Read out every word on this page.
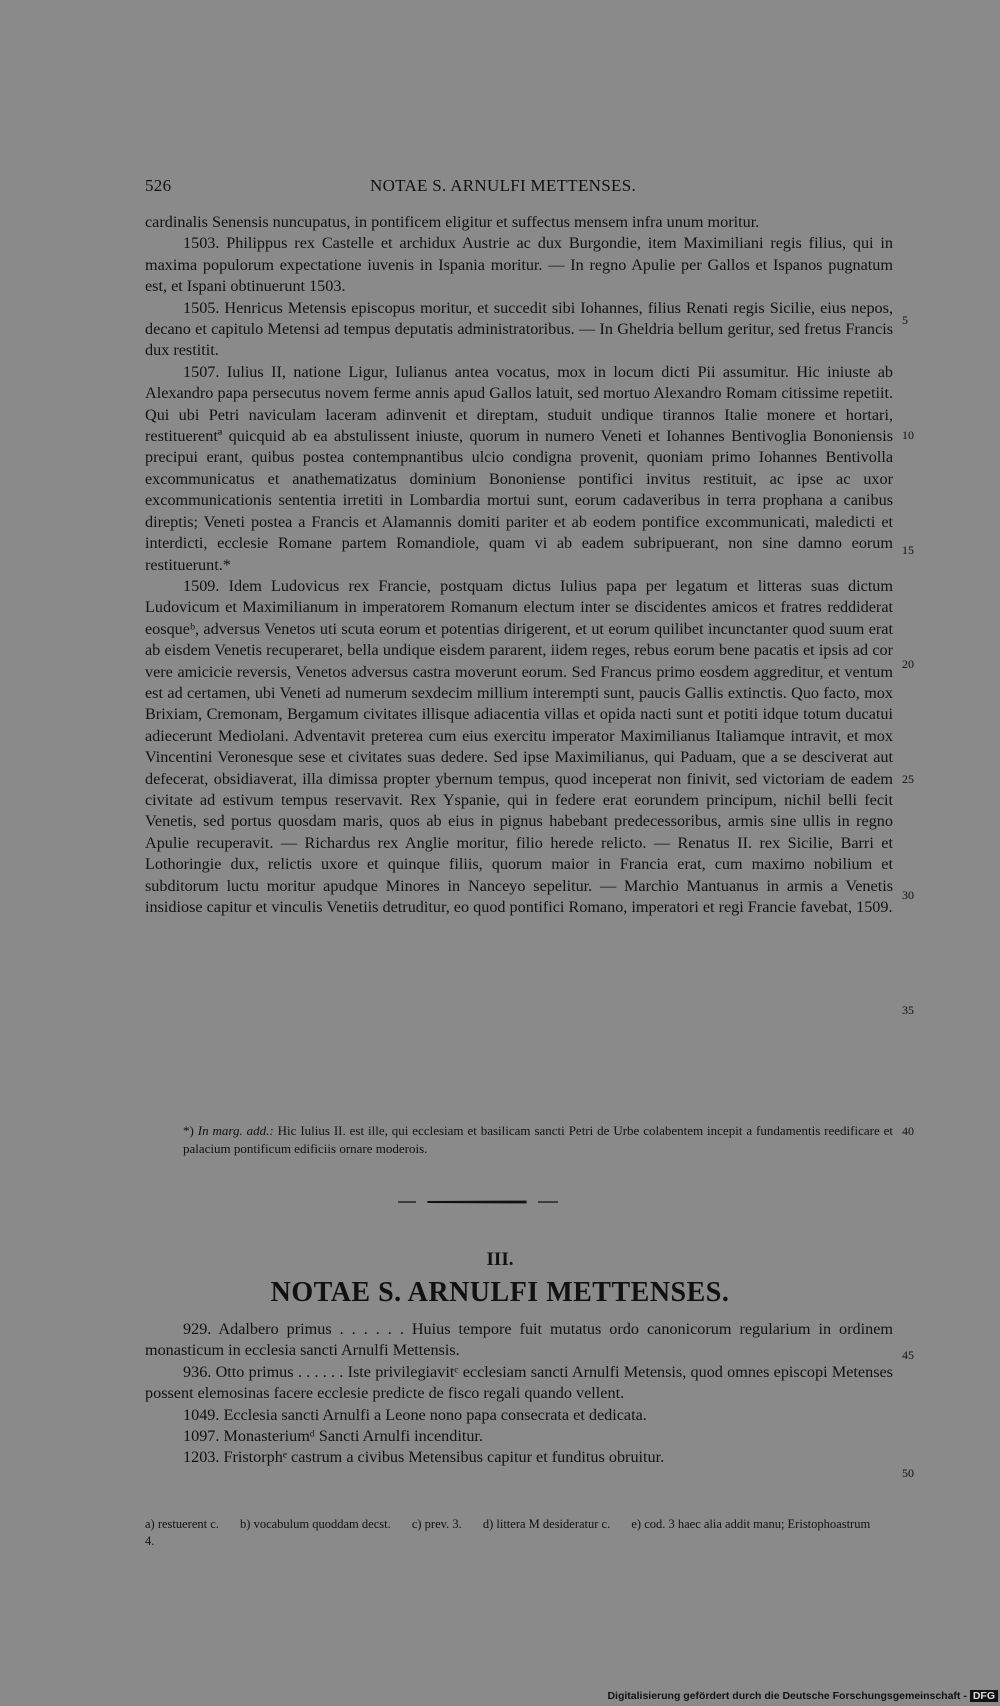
526	NOTAE S. ARNULFI METTENSES.

cardinalis Senensis nuncupatus, in pontificem eligitur et suffectus mensem infra unum moritur.

1503. Philippus rex Castelle et archidux Austrie ac dux Burgondie, item Maximiliani regis filius, qui in maxima populorum expectatione iuvenis in Ispania moritur. — In regno Apulie per Gallos et Ispanos pugnatum est, et Ispani obtinuerunt 1503.

1505. Henricus Metensis episcopus moritur, et succedit sibi Iohannes, filius Renati regis Sicilie, eius nepos, decano et capitulo Metensi ad tempus deputatis administratoribus. — In Gheldria bellum geritur, sed fretus Francis dux restitit.

1507. Iulius II, natione Ligur, Iulianus antea vocatus, mox in locum dicti Pii assumitur. Hic iniuste ab Alexandro papa persecutus novem ferme annis apud Gallos latuit, sed mortuo Alexandro Romam citissime repetiit. Qui ubi Petri naviculam laceram adinvenit et direptam, studuit undique tirannos Italie monere et hortari, restituerentª quicquid ab ea abstulissent iniuste, quorum in numero Veneti et Iohannes Bentivoglia Bononiensis precipui erant, quibus postea contempnantibus ulcio condigna provenit, quoniam primo Iohannes Bentivolla excommunicatus et anathematizatus dominium Bononiense pontifici invitus restituit, ac ipse ac uxor excommunicationis sententia irretiti in Lombardia mortui sunt, eorum cadaveribus in terra prophana a canibus direptis; Veneti postea a Francis et Alamannis domiti pariter et ab eodem pontifice excommunicati, maledicti et interdicti, ecclesie Romane partem Romandiole, quam vi ab eadem subripuerant, non sine damno eorum restituerunt.*

1509. Idem Ludovicus rex Francie, postquam dictus Iulius papa per legatum et litteras suas dictum Ludovicum et Maximilianum in imperatorem Romanum electum inter se discidentes amicos et fratres reddiderat eosqueᵇ, adversus Venetos uti scuta eorum et potentias dirigerent, et ut eorum quilibet incunctanter quod suum erat ab eisdem Venetis recuperaret, bella undique eisdem pararent, iidem reges, rebus eorum bene pacatis et ipsis ad cor vere amicicie reversis, Venetos adversus castra moverunt eorum. Sed Francus primo eosdem aggreditur, et ventum est ad certamen, ubi Veneti ad numerum sexdecim millium interempti sunt, paucis Gallis extinctis. Quo facto, mox Brixiam, Cremonam, Bergamum civitates illisque adiacentia villas et opida nacti sunt et potiti idque totum ducatui adiecerunt Mediolani. Adventavit preterea cum eius exercitu imperator Maximilianus Italiamque intravit, et mox Vincentini Veronesque sese et civitates suas dedere. Sed ipse Maximilianus, qui Paduam, que a se desciverat aut defecerat, obsidiaverat, illa dimissa propter ybernum tempus, quod inceperat non finivit, sed victoriam de eadem civitate ad estivum tempus reservavit. Rex Yspanie, qui in federe erat eorundem principum, nichil belli fecit Venetis, sed portus quosdam maris, quos ab eius in pignus habebant predecessoribus, armis sine ullis in regno Apulie recuperavit. — Richardus rex Anglie moritur, filio herede relicto. — Renatus II. rex Sicilie, Barri et Lothoringie dux, relictis uxore et quinque filiis, quorum maior in Francia erat, cum maximo nobilium et subditorum luctu moritur apudque Minores in Nanceyo sepelitur. — Marchio Mantuanus in armis a Venetis insidiose capitur et vinculis Venetiis detruditur, eo quod pontifici Romano, imperatori et regi Francie favebat, 1509.

*) In marg. add.: Hic Iulius II. est ille, qui ecclesiam et basilicam sancti Petri de Urbe colabentem incepit a fundamentis reedificare et palacium pontificum edificiis ornare moderois.
5
10
15
20
25
30
35
40
45
50
III.
NOTAE S. ARNULFI METTENSES.

929. Adalbero primus . . . . . . Huius tempore fuit mutatus ordo canonicorum regularium in ordinem monasticum in ecclesia sancti Arnulfi Mettensis.

936. Otto primus . . . . . . Iste privilegiavitᶜ ecclesiam sancti Arnulfi Metensis, quod omnes episcopi Metenses possent elemosinas facere ecclesie predicte de fisco regali quando vellent.

1049. Ecclesia sancti Arnulfi a Leone nono papa consecrata et dedicata.

1097. Monasteriumᵈ Sancti Arnulfi incenditur.

1203. Fristorphᵉ castrum a civibus Metensibus capitur et funditus obruitur.

a) restuerent c. b) vocabulum quoddam decst. c) prev. 3. d) littera M desideratur c. e) cod. 3 haec alia addit manu; Eristophoastrum 4.
Digitalisierung gefördert durch die Deutsche Forschungsgemeinschaft - DFG
